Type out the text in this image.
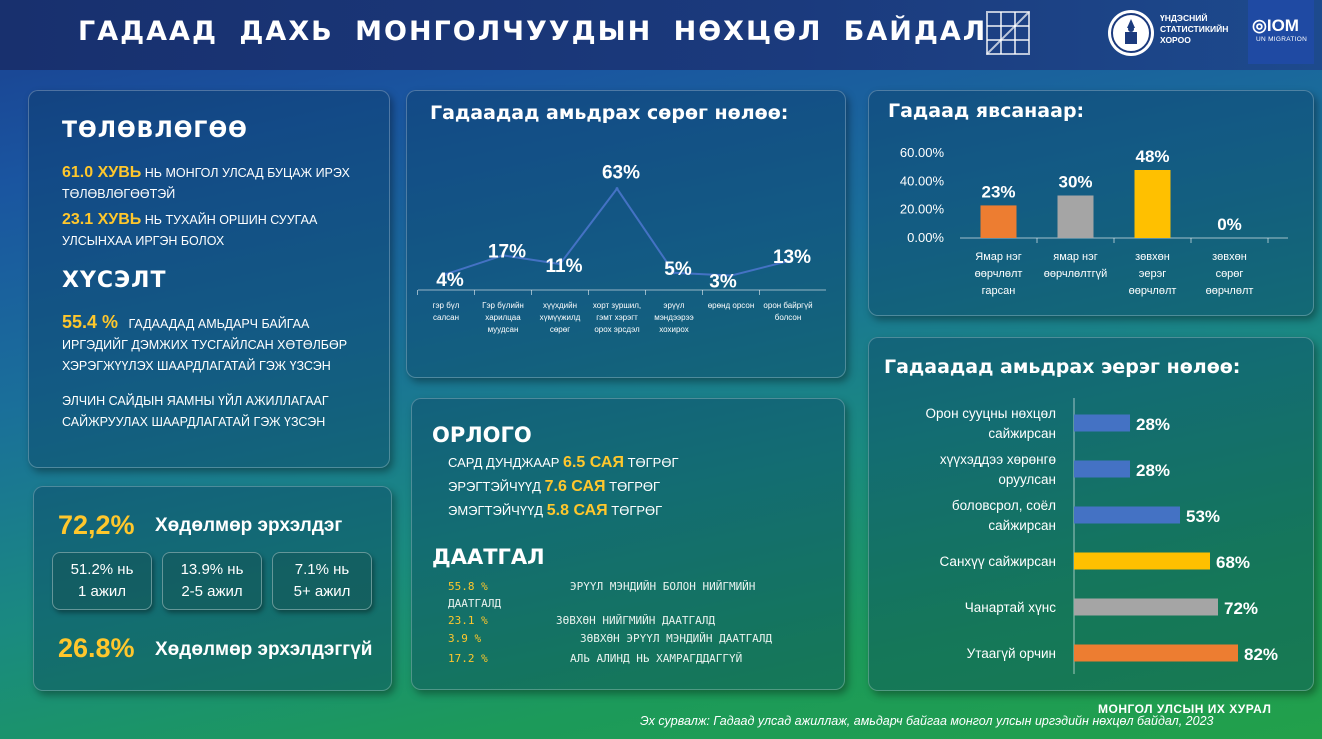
ГАДААД ДАХЬ МОНГОЛЧУУДЫН НӨХЦӨЛ БАЙДАЛ	ҮНДЭСНИЙ
СТАТИСТИКИЙН
ХОРОО
◎IOM
UN MIGRATION
ТӨЛӨВЛӨГӨӨ
61.0 ХУВЬ НЬ МОНГОЛ УЛСАД БУЦАЖ ИРЭХ
ТӨЛӨВЛӨГӨӨТЭЙ
23.1 ХУВЬ НЬ ТУХАЙН ОРШИН СУУГАА
УЛСЫНХАА ИРГЭН БОЛОХ
ХҮСЭЛТ
55.4 % ГАДААДАД АМЬДАРЧ БАЙГАА
ИРГЭДИЙГ ДЭМЖИХ ТУСГАЙЛСАН ХӨТӨЛБӨР
ХЭРЭГЖҮҮЛЭХ ШААРДЛАГАТАЙ ГЭЖ ҮЗСЭН
ЭЛЧИН САЙДЫН ЯАМНЫ ҮЙЛ АЖИЛЛАГААГ
САЙЖРУУЛАХ ШААРДЛАГАТАЙ ГЭЖ ҮЗСЭН
72,2% Хөдөлмөр эрхэлдэг
51.2% нь
1 ажил
13.9% нь
2-5 ажил
7.1% нь
5+ ажил
26.8% Хөдөлмөр эрхэлдэггүй
Гадаадад амьдрах сөрөг нөлөө:
4%
гэр бүл
салсан
17%
Гэр бүлийн
харилцаа
муудсан
11%
хүүхдийн
хүмүүжилд
сөрөг
63%
хорт зуршил,
гэмт хэрэгт
орох эрсдэл
5%
эрүүл
мэндээрээ
хохирох
3%
өрөнд орсон
13%
орон байргүй
болсон
ОРЛОГО
САРД ДУНДЖААР 6.5 САЯ ТӨГРӨГ
ЭРЭГТЭЙЧҮҮД 7.6 САЯ ТӨГРӨГ
ЭМЭГТЭЙЧҮҮД 5.8 САЯ ТӨГРӨГ
ДААТГАЛ
55.8 %	ЭРҮҮЛ МЭНДИЙН БОЛОН НИЙГМИЙН
ДААТГАЛД
23.1 %	ЗӨВХӨН НИЙГМИЙН ДААТГАЛД
3.9 %	ЗӨВХӨН ЭРҮҮЛ МЭНДИЙН ДААТГАЛД
17.2 %	АЛЬ АЛИНД НЬ ХАМРАГДДАГГҮЙ
Гадаад явсанаар:
0.00%
20.00%
40.00%
60.00%
23%
Ямар нэг
өөрчлөлт
гарсан
30%
ямар нэг
өөрчлөлтгүй
48%
зөвхөн
эерэг
өөрчлөлт
0%
зөвхөн
сөрөг
өөрчлөлт
Гадаадад амьдрах эерэг нөлөө:
28%
Орон сууцны нөхцөл
сайжирсан
28%
хүүхэддээ хөрөнгө
оруулсан
53%
боловсрол, соёл
сайжирсан
68%
Санхүү сайжирсан
72%
Чанартай хүнс
82%
Утаагүй орчин
МОНГОЛ УЛСЫН ИХ ХУРАЛ
Эх сурвалж: Гадаад улсад ажиллаж, амьдарч байгаа монгол улсын иргэдийн нөхцөл байдал, 2023
